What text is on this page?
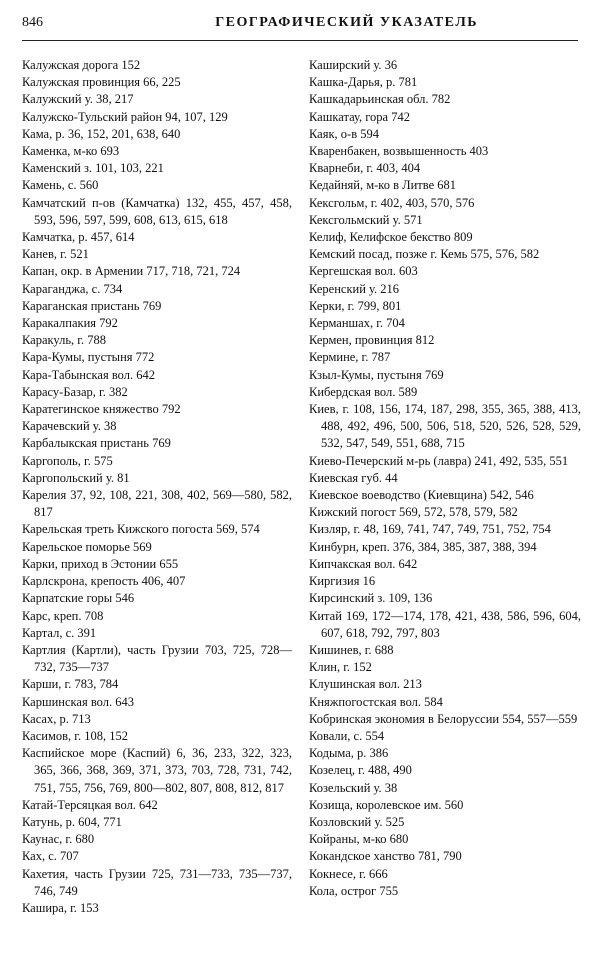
846	ГЕОГРАФИЧЕСКИЙ УКАЗАТЕЛЬ

Калужская дорога 152

Калужская провинция 66, 225

Калужский у. 38, 217

Калужско-Тульский район 94, 107, 129

Кама, р. 36, 152, 201, 638, 640

Каменка, м-ко 693

Каменский з. 101, 103, 221

Камень, с. 560

Камчатский п-ов (Камчатка) 132, 455, 457, 458, 593, 596, 597, 599, 608, 613, 615, 618

Камчатка, р. 457, 614

Канев, г. 521

Капан, окр. в Армении 717, 718, 721, 724

Караганджа, с. 734

Караганская пристань 769

Каракалпакия 792

Каракуль, г. 788

Кара-Кумы, пустыня 772

Кара-Табынская вол. 642

Карасу-Базар, г. 382

Каратегинское княжество 792

Карачевский у. 38

Карбалыкская пристань 769

Каргополь, г. 575

Каргопольский у. 81

Карелия 37, 92, 108, 221, 308, 402, 569—580, 582, 817

Карельская треть Кижского погоста 569, 574

Карельское поморье 569

Карки, приход в Эстонии 655

Карлскрона, крепость 406, 407

Карпатские горы 546

Карс, креп. 708

Картал, с. 391

Картлия (Картли), часть Грузии 703, 725, 728—732, 735—737

Карши, г. 783, 784

Каршинская вол. 643

Касах, р. 713

Касимов, г. 108, 152

Каспийское море (Каспий) 6, 36, 233, 322, 323, 365, 366, 368, 369, 371, 373, 703, 728, 731, 742, 751, 755, 756, 769, 800—802, 807, 808, 812, 817

Катай-Терсяцкая вол. 642

Катунь, р. 604, 771

Каунас, г. 680

Ках, с. 707

Кахетия, часть Грузии 725, 731—733, 735—737, 746, 749

Кашира, г. 153

Каширский у. 36

Кашка-Дарья, р. 781

Кашкадарьинская обл. 782

Кашкатау, гора 742

Каяк, о-в 594

Кваренбакен, возвышенность 403

Кварнеби, г. 403, 404

Кедайняй, м-ко в Литве 681

Кексгольм, г. 402, 403, 570, 576

Кексгольмский у. 571

Келиф, Келифское бекство 809

Кемский посад, позже г. Кемь 575, 576, 582

Кергешская вол. 603

Керенский у. 216

Керки, г. 799, 801

Керманшах, г. 704

Кермен, провинция 812

Кермине, г. 787

Кзыл-Кумы, пустыня 769

Кибердская вол. 589

Киев, г. 108, 156, 174, 187, 298, 355, 365, 388, 413, 488, 492, 496, 500, 506, 518, 520, 526, 528, 529, 532, 547, 549, 551, 688, 715

Киево-Печерский м-рь (лавра) 241, 492, 535, 551

Киевская губ. 44

Киевское воеводство (Киевщина) 542, 546

Кижский погост 569, 572, 578, 579, 582

Кизляр, г. 48, 169, 741, 747, 749, 751, 752, 754

Кинбурн, креп. 376, 384, 385, 387, 388, 394

Кипчакская вол. 642

Киргизия 16

Кирсинский з. 109, 136

Китай 169, 172—174, 178, 421, 438, 586, 596, 604, 607, 618, 792, 797, 803

Кишинев, г. 688

Клин, г. 152

Клушинская вол. 213

Княжпогостская вол. 584

Кобринская экономия в Белоруссии 554, 557—559

Ковали, с. 554

Кодыма, р. 386

Козелец, г. 488, 490

Козельский у. 38

Козища, королевское им. 560

Козловский у. 525

Койраны, м-ко 680

Кокандское ханство 781, 790

Кокнесе, г. 666

Кола, острог 755
